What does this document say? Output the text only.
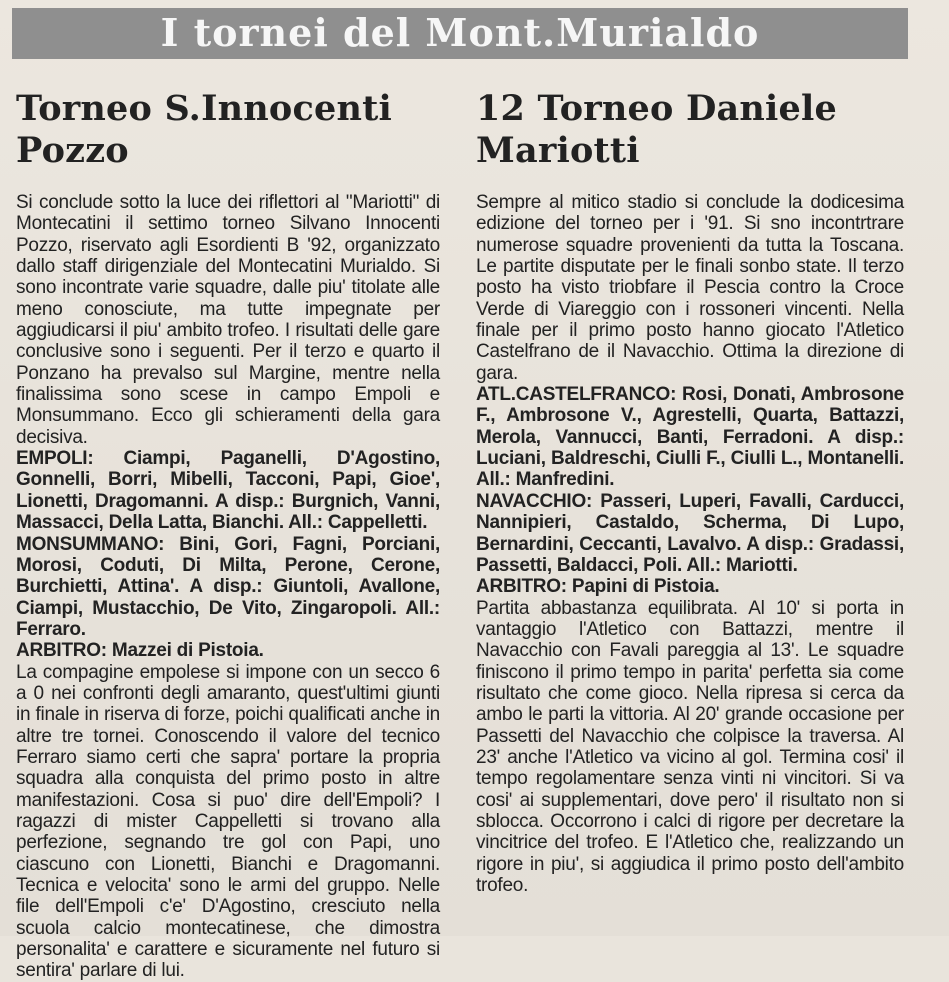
I tornei del Mont.Murialdo
Torneo S.Innocenti Pozzo

Si conclude sotto la luce dei riflettori al "Mariotti" di Montecatini il settimo torneo Silvano Innocenti Pozzo, riservato agli Esordienti B '92, organizzato dallo staff dirigenziale del Montecatini Murialdo. Si sono incontrate varie squadre, dalle piu' titolate alle meno conosciute, ma tutte impegnate per aggiudicarsi il piu' ambito trofeo. I risultati delle gare conclusive sono i seguenti. Per il terzo e quarto il Ponzano ha prevalso sul Margine, mentre nella finalissima sono scese in campo Empoli e Monsummano. Ecco gli schieramenti della gara decisiva.

EMPOLI: Ciampi, Paganelli, D'Agostino, Gonnelli, Borri, Mibelli, Tacconi, Papi, Gioe', Lionetti, Dragomanni. A disp.: Burgnich, Vanni, Massacci, Della Latta, Bianchi. All.: Cappelletti.

MONSUMMANO: Bini, Gori, Fagni, Porciani, Morosi, Coduti, Di Milta, Perone, Cerone, Burchietti, Attina'. A disp.: Giuntoli, Avallone, Ciampi, Mustacchio, De Vito, Zingaropoli. All.: Ferraro.

ARBITRO: Mazzei di Pistoia.

La compagine empolese si impone con un secco 6 a 0 nei confronti degli amaranto, quest'ultimi giunti in finale in riserva di forze, poichi qualificati anche in altre tre tornei. Conoscendo il valore del tecnico Ferraro siamo certi che sapra' portare la propria squadra alla conquista del primo posto in altre manifestazioni. Cosa si puo' dire dell'Empoli? I ragazzi di mister Cappelletti si trovano alla perfezione, segnando tre gol con Papi, uno ciascuno con Lionetti, Bianchi e Dragomanni. Tecnica e velocita' sono le armi del gruppo. Nelle file dell'Empoli c'e' D'Agostino, cresciuto nella scuola calcio montecatinese, che dimostra personalita' e carattere e sicuramente nel futuro si sentira' parlare di lui.

12 Torneo Daniele Mariotti

Sempre al mitico stadio si conclude la dodicesima edizione del torneo per i '91. Si sno incontrtrare numerose squadre provenienti da tutta la Toscana. Le partite disputate per le finali sonbo state. Il terzo posto ha visto triobfare il Pescia contro la Croce Verde di Viareggio con i rossoneri vincenti. Nella finale per il primo posto hanno giocato l'Atletico Castelfrano de il Navacchio. Ottima la direzione di gara.

ATL.CASTELFRANCO: Rosi, Donati, Ambrosone F., Ambrosone V., Agrestelli, Quarta, Battazzi, Merola, Vannucci, Banti, Ferradoni. A disp.: Luciani, Baldreschi, Ciulli F., Ciulli L., Montanelli. All.: Manfredini.

NAVACCHIO: Passeri, Luperi, Favalli, Carducci, Nannipieri, Castaldo, Scherma, Di Lupo, Bernardini, Ceccanti, Lavalvo. A disp.: Gradassi, Passetti, Baldacci, Poli. All.: Mariotti.

ARBITRO: Papini di Pistoia.

Partita abbastanza equilibrata. Al 10' si porta in vantaggio l'Atletico con Battazzi, mentre il Navacchio con Favali pareggia al 13'. Le squadre finiscono il primo tempo in parita' perfetta sia come risultato che come gioco. Nella ripresa si cerca da ambo le parti la vittoria. Al 20' grande occasione per Passetti del Navacchio che colpisce la traversa. Al 23' anche l'Atletico va vicino al gol. Termina cosi' il tempo regolamentare senza vinti ni vincitori. Si va cosi' ai supplementari, dove pero' il risultato non si sblocca. Occorrono i calci di rigore per decretare la vincitrice del trofeo. E l'Atletico che, realizzando un rigore in piu', si aggiudica il primo posto dell'ambito trofeo.
